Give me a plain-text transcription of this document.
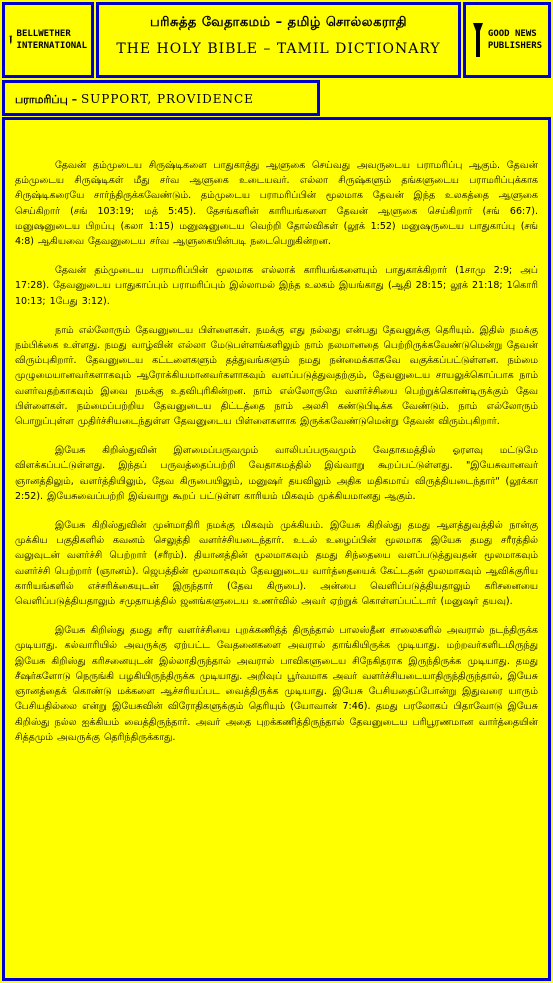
BELLWETHER
INTERNATIONAL
பரிசுத்த வேதாகமம் – தமிழ் சொல்லகராதி
THE HOLY BIBLE – TAMIL DICTIONARY
GOOD NEWS
PUBLISHERS
பராமரிப்பு – SUPPORT, PROVIDENCE

தேவன் தம்முடைய சிருஷ்டிகளை பாதுகாத்து ஆளுகை செய்வது அவருடைய பராமரிப்பு ஆகும். தேவன் தம்முடைய சிருஷ்டிகள் மீது சர்வ ஆளுகை உடையவர். எல்லா சிருஷ்களும் தங்களுடைய பராமரிப்புக்காக சிருஷ்டிகரையே சார்ந்திருக்கவேண்டும். தம்முடைய பராமரிப்பின் மூலமாக தேவன் இந்த உலகத்தை ஆளுகை செய்கிறார் (சங் 103:19; மத் 5:45). தேசங்களின் காரியங்களை தேவன் ஆளுகை செய்கிறார் (சங் 66:7). மனுஷனுடைய பிறப்பு (கலா 1:15) மனுஷனுடைய வெற்றி தோல்விகள் (லூக் 1:52) மனுஷருடைய பாதுகாப்பு (சங் 4:8) ஆகியவை தேவனுடைய சர்வ ஆளுகையின்படி நடைபெறுகின்றன.

தேவன் தம்முடைய பராமரிப்பின் மூலமாக எல்லாக் காரியங்களையும் பாதுகாக்கிறார் (1சாமு 2:9; அப் 17:28). தேவனுடைய பாதுகாப்பும் பராமரிப்பும் இல்லாமல் இந்த உலகம் இயங்காது (ஆதி 28:15; லூக் 21:18; 1கொரி 10:13; 1பேது 3:12).

நாம் எல்லோரும் தேவனுடைய பிள்ளைகள். நமக்கு எது நல்லது என்பது தேவனுக்கு தெரியும். இதில் நமக்கு நம்பிக்கை உள்ளது. நமது வாழ்வின் எல்லா மேடுபள்ளங்களிலும் நாம் நலமானதை பெற்றிருக்கவேண்டுமென்று தேவன் விரும்புகிறார். தேவனுடைய கட்டளைகளும் தத்துவங்களும் நமது நன்மைக்காகவே வகுக்கப்பட்டுள்ளன. நம்மை முழுமையானவர்களாகவும் ஆரோக்கியமானவர்களாகவும் வளப்படுத்துவதற்கும், தேவனுடைய சாயலுக்கொப்பாக நாம் வளர்வதற்காகவும் இவை நமக்கு உதவிபுரிகின்றன. நாம் எல்லோருமே வளர்ச்சியை பெற்றுக்கொண்டிருக்கும் தேவ பிள்ளைகள். நம்மைப்பற்றிய தேவனுடைய திட்டத்தை நாம் அலசி கண்டுபிடிக்க வேண்டும். நாம் எல்லோரும் பொறுப்புள்ள முதிர்ச்சியடைந்துள்ள தேவனுடைய பிள்ளைகளாக இருக்கவேண்டுமென்று தேவன் விரும்புகிறார்.

இயேசு கிறிஸ்துவின் இளமைப்பருவமும் வாலிபப்பருவமும் வேதாகமத்தில் ஓரளவு மட்டுமே விளக்கப்பட்டுள்ளது. இந்தப் பருவத்தைப்பற்றி வேதாகமத்தில் இவ்வாறு கூறப்பட்டுள்ளது. "இயேசுவானவர் ஞானத்திலும், வளர்த்தியிலும், தேவ கிருபையிலும், மனுஷர் தயவிலும் அதிக மதிகமாய் விருத்தியடைந்தார்" (லூக்கா 2:52). இயேசுவைப்பற்றி இவ்வாறு கூறப் பட்டுள்ள காரியம் மிகவும் முக்கியமானது ஆகும்.

இயேசு கிறிஸ்துவின் முன்மாதிரி நமக்கு மிகவும் முக்கியம். இயேசு கிறிஸ்து தமது ஆளத்துவத்தில் நான்கு முக்கிய பகுதிகளில் கவனம் செலுத்தி வளர்ச்சியடைந்தார். உடல் உழைப்பின் மூலமாக இயேசு தமது சரீரத்தில் வலுவுடன் வளர்ச்சி பெற்றார் (சரீரம்). தியானத்தின் மூலமாகவும் தமது சிந்தையை வளப்படுத்துவதன் மூலமாகவும் வளர்ச்சி பெற்றார் (ஞானம்). ஜெபத்தின் மூலமாகவும் தேவனுடைய வார்த்தையைக் கேட்டதன் மூலமாகவும் ஆவிக்குரிய காரியங்களில் எச்சரிக்கையுடன் இருந்தார் (தேவ கிருபை). அன்பை வெளிப்படுத்தியதாலும் கரிசனையை வெளிப்படுத்தியதாலும் சமுதாயத்தில் ஜனங்களுடைய உணர்வில் அவர் ஏற்றுக் கொள்ளப்பட்டார் (மனுஷர் தயவு).

இயேசு கிறிஸ்து தமது சரீர வளர்ச்சியை புறக்கணித்த் திருந்தால் பாலஸ்தீன சாலைகளில் அவரால் நடந்திருக்க முடியாது. கல்வாரியில் அவருக்கு ஏற்பட்ட வேதனைகளை அவரால் தாங்கியிருக்க முடியாது. மற்றவர்களிடமிருந்து இயேசு கிறிஸ்து கரிசனையுடன் இல்லாதிருந்தால் அவரால் பாவிகளுடைய சிநேகிதராக இருந்திருக்க முடியாது. தமது சீஷர்களோடு நெருங்கி பழகியிருந்திருக்க முடியாது. அறிவுப் பூர்வமாக அவர் வளர்ச்சியடையாதிருந்திருந்தால், இயேசு ஞானத்தைக் கொண்டு மக்களை ஆச்சரியப்பட வைத்திருக்க முடியாது. இயேசு பேசியதைப்போன்று இதுவரை யாரும் பேசியதில்லை என்று இயேசுவின் விரோதிகளுக்கும் தெரியும் (யோவான் 7:46). தமது பரலோகப் பிதாவோடு இயேசு கிறிஸ்து நல்ல ஐக்கியம் வைத்திருந்தார். அவர் அதை புறக்கணித்திருந்தால் தேவனுடைய பரிபூரணமான வார்த்தையின் சித்தமும் அவருக்கு தெரிந்திருக்காது.
